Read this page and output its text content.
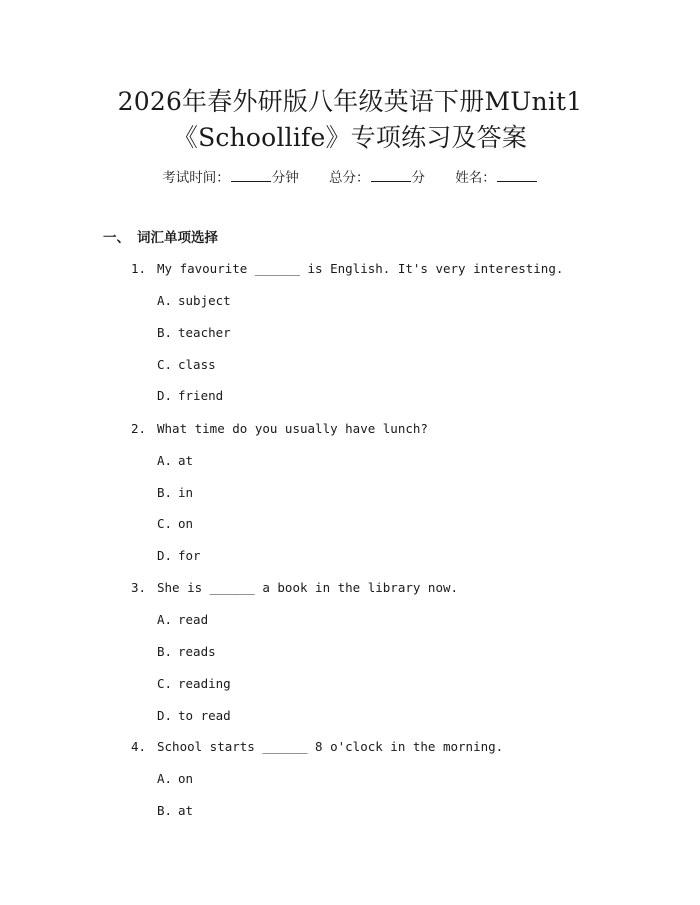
2026年春外研版八年级英语下册MUnit1
《Schoollife》专项练习及答案
考试时间：	分钟 总分：	分 姓名：
一、 词汇单项选择
1. My favourite ______ is English. It's very interesting.
A. subject
B. teacher
C. class
D. friend
2. What time do you usually have lunch?
A. at
B. in
C. on
D. for
3. She is ______ a book in the library now.
A. read
B. reads
C. reading
D. to read
4. School starts ______ 8 o'clock in the morning.
A. on
B. at
